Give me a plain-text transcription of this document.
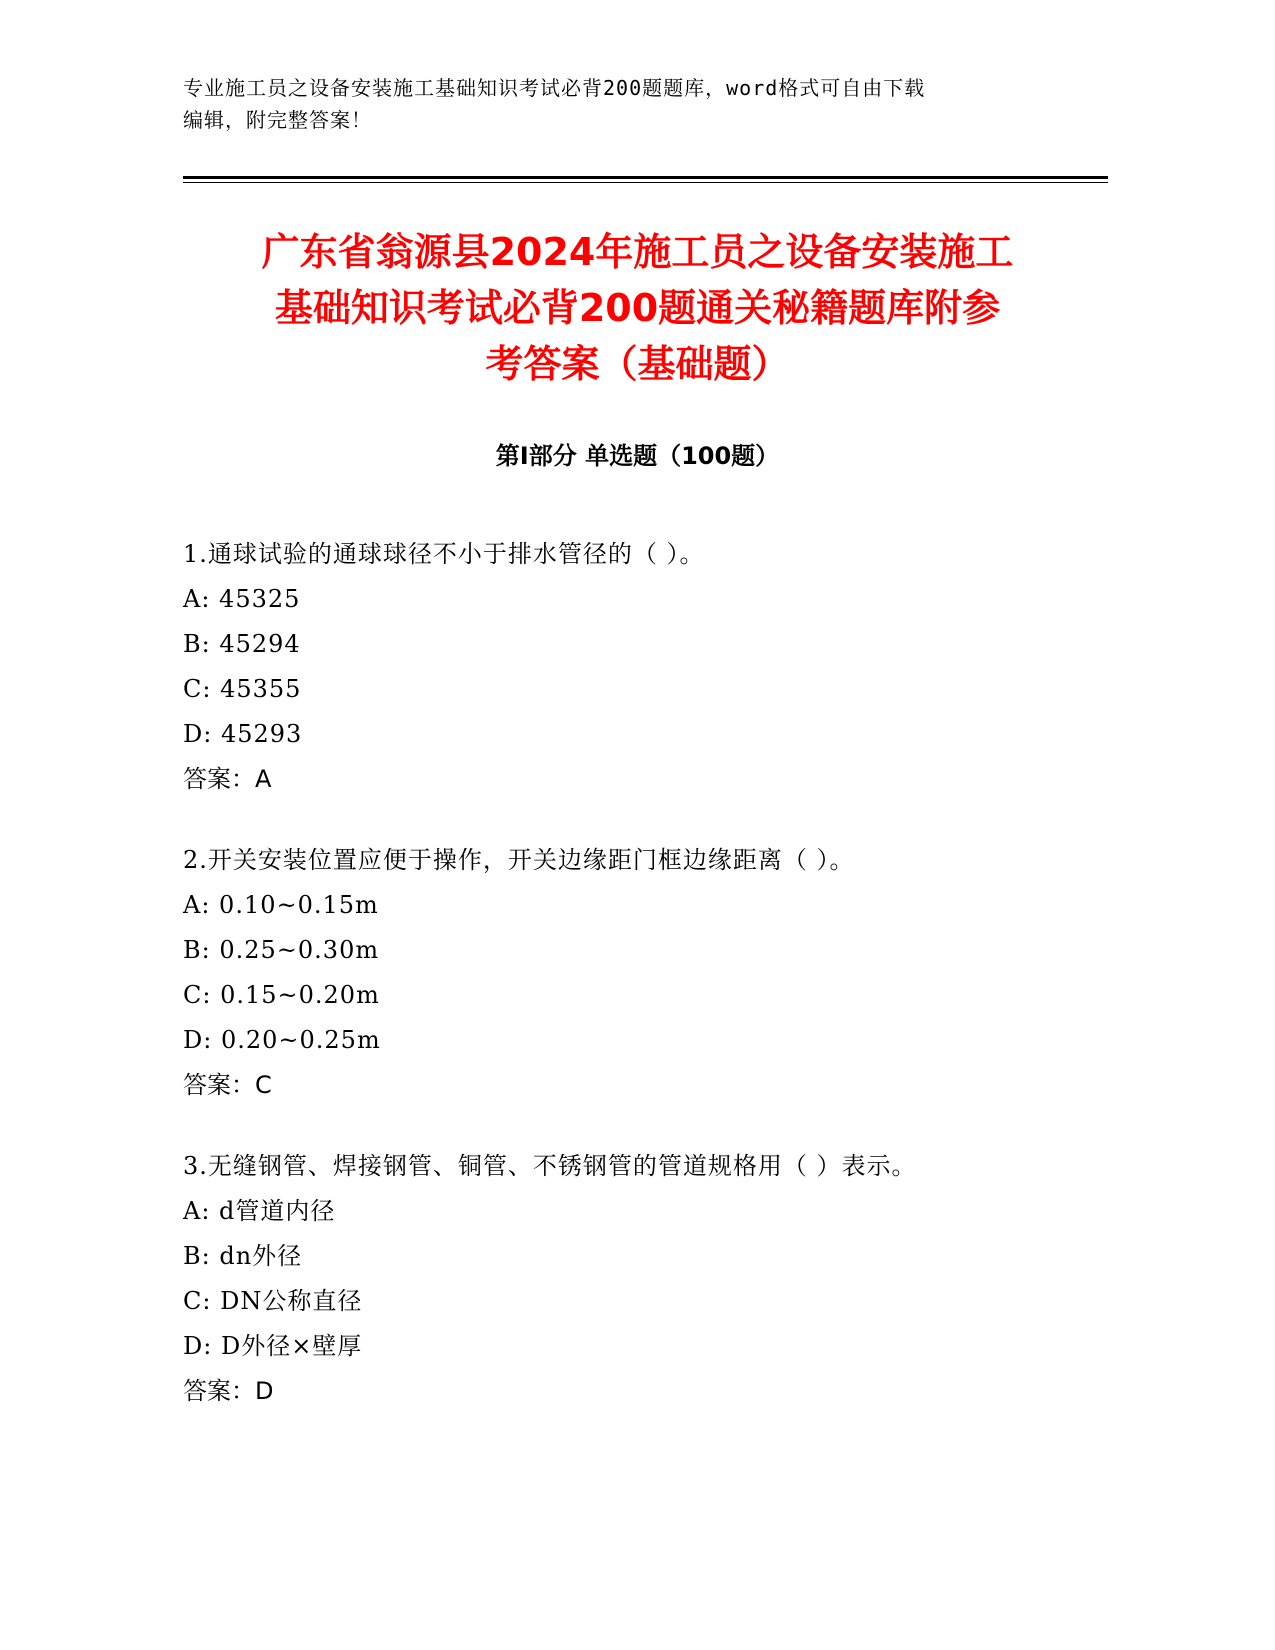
专业施工员之设备安装施工基础知识考试必背200题题库，word格式可自由下载
编辑，附完整答案！
广东省翁源县2024年施工员之设备安装施工
基础知识考试必背200题通关秘籍题库附参
考答案（基础题）
第Ⅰ部分 单选题（100题）
1.通球试验的通球球径不小于排水管径的（ ）。
A: 45325
B: 45294
C: 45355
D: 45293
答案：A
2.开关安装位置应便于操作，开关边缘距门框边缘距离（ ）。
A: 0.10~0.15m
B: 0.25~0.30m
C: 0.15~0.20m
D: 0.20~0.25m
答案：C
3.无缝钢管、焊接钢管、铜管、不锈钢管的管道规格用（ ）表示。
A: d管道内径
B: dn外径
C: DN公称直径
D: D外径×壁厚
答案：D
